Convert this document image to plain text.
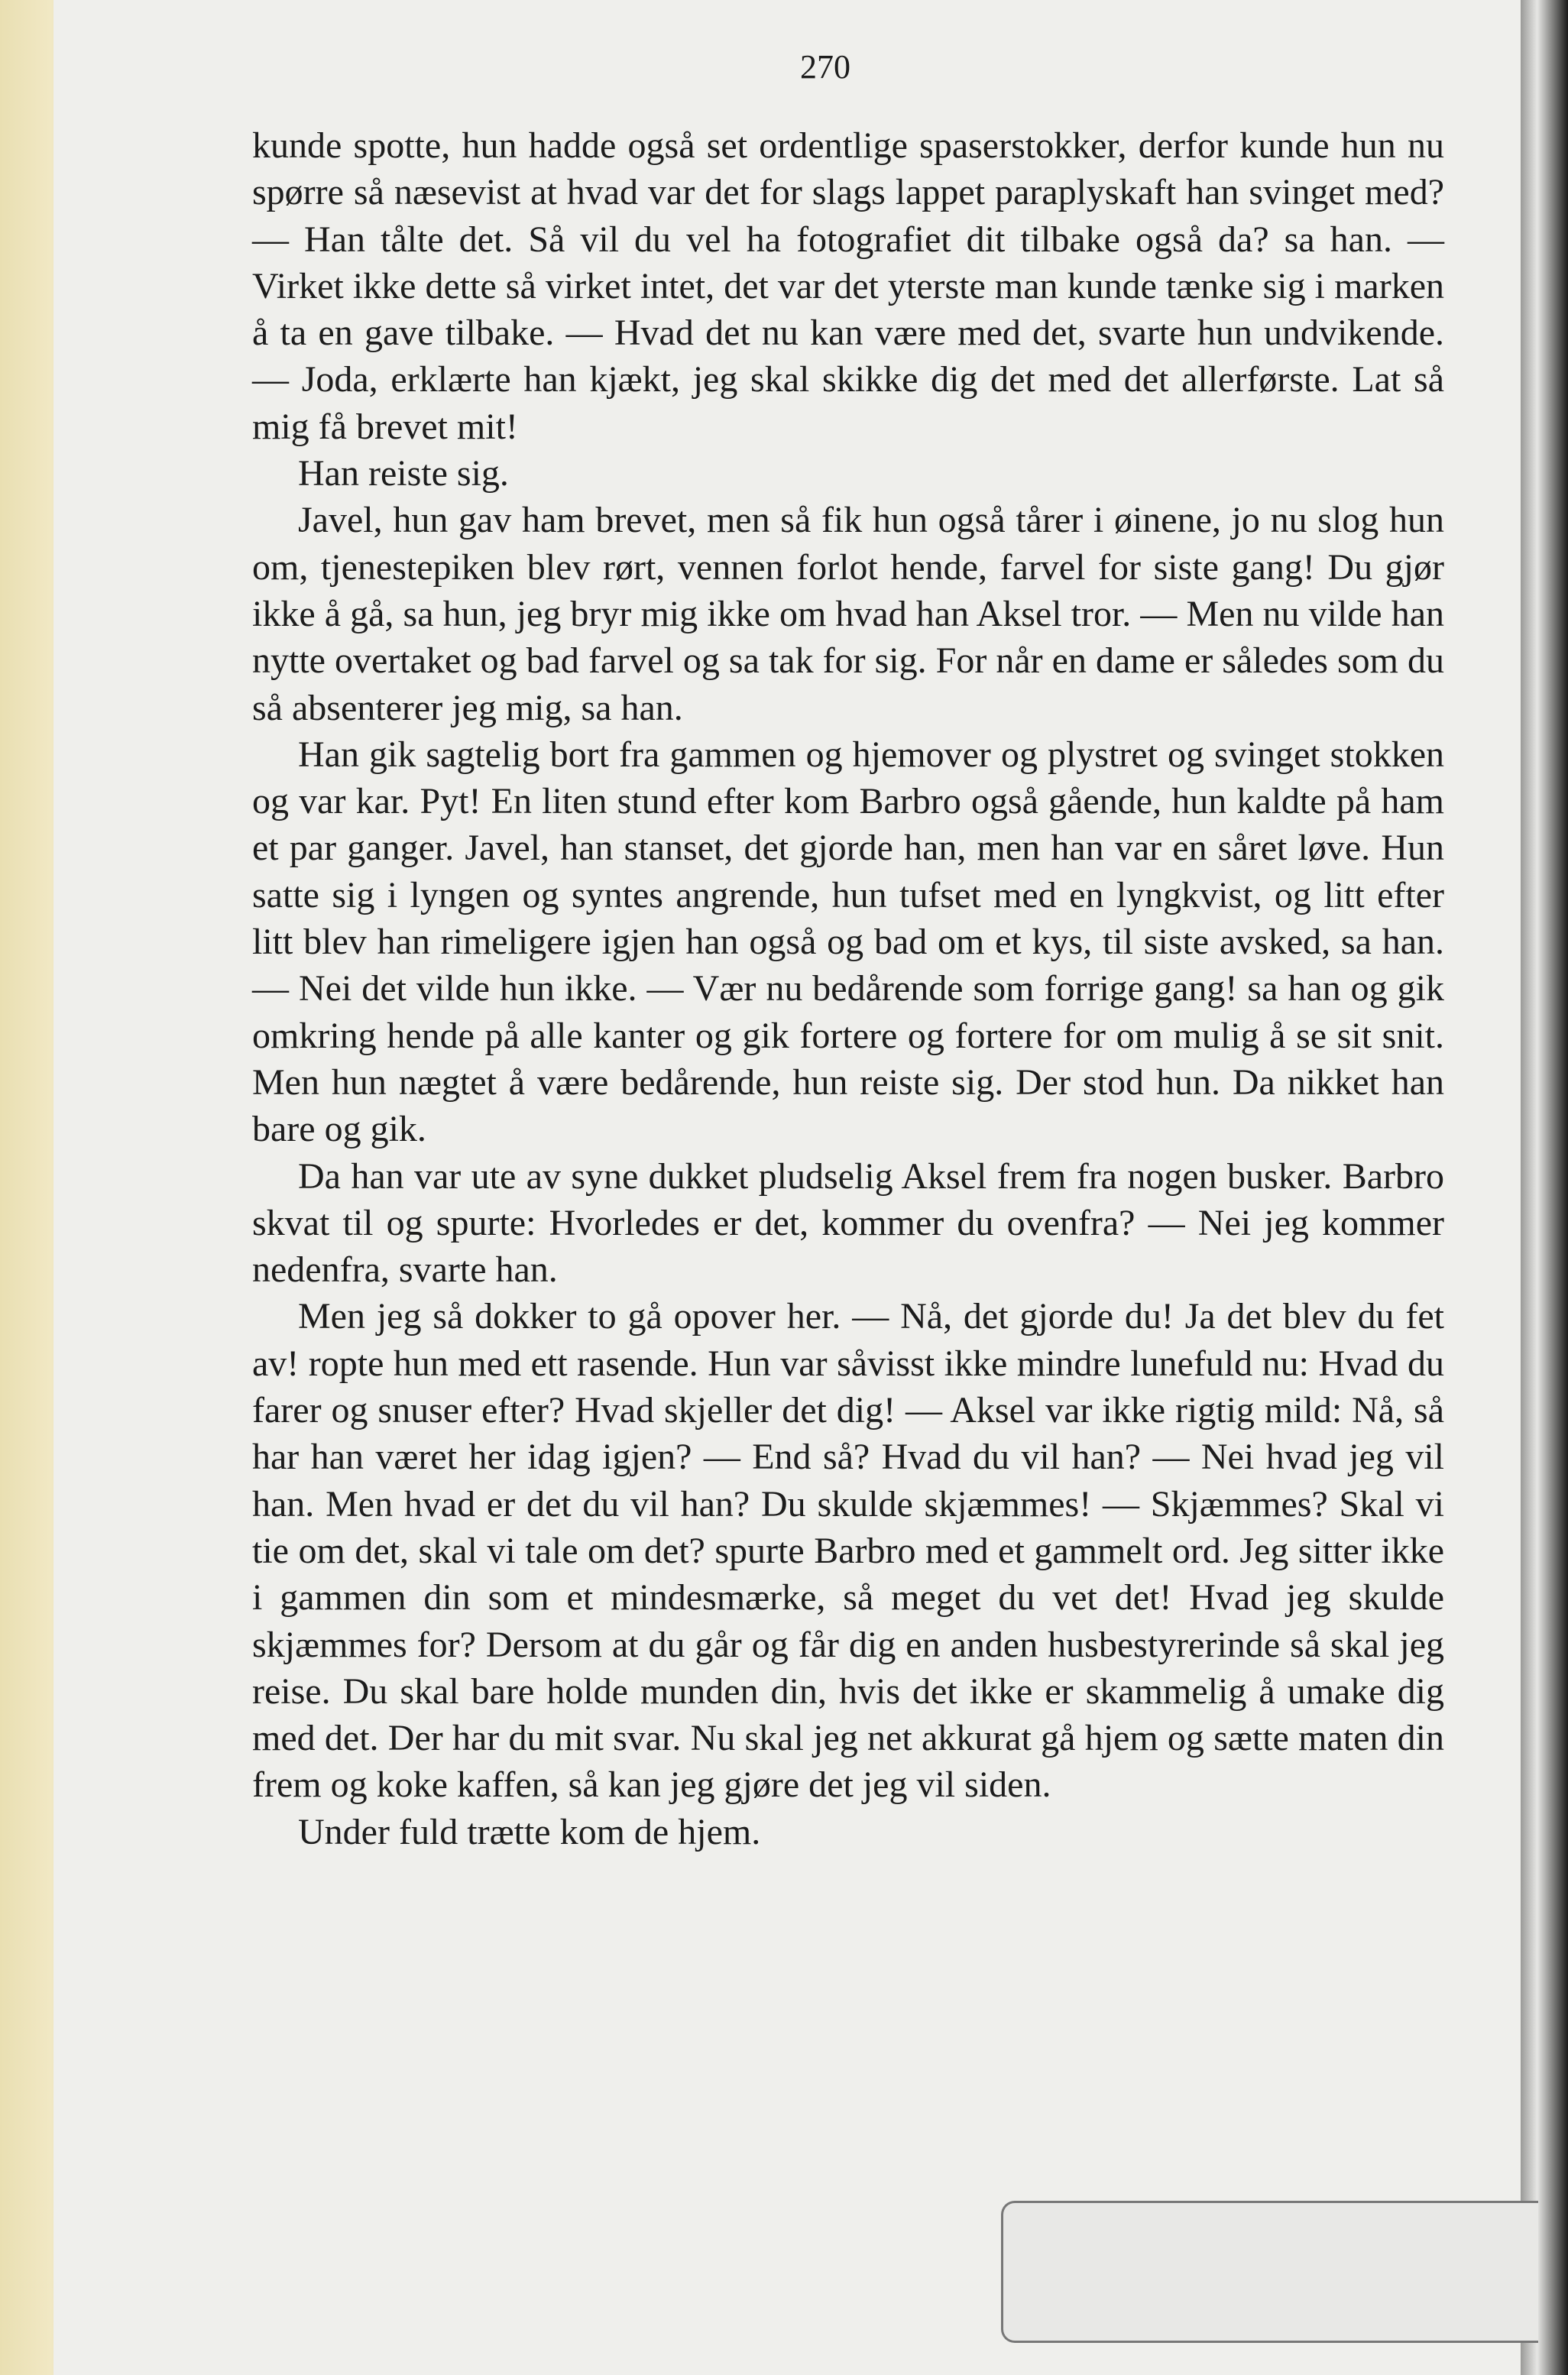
270

kunde spotte, hun hadde også set ordentlige spaserstokker, derfor kunde hun nu spørre så næsevist at hvad var det for slags lappet paraplyskaft han svinget med? — Han tålte det. Så vil du vel ha fotografiet dit tilbake også da? sa han. — Virket ikke dette så virket intet, det var det yterste man kunde tænke sig i marken å ta en gave tilbake. — Hvad det nu kan være med det, svarte hun undvikende. — Joda, erklærte han kjækt, jeg skal skikke dig det med det allerførste. Lat så mig få brevet mit!

Han reiste sig.

Javel, hun gav ham brevet, men så fik hun også tårer i øinene, jo nu slog hun om, tjenestepiken blev rørt, vennen forlot hende, farvel for siste gang! Du gjør ikke å gå, sa hun, jeg bryr mig ikke om hvad han Aksel tror. — Men nu vilde han nytte overtaket og bad farvel og sa tak for sig. For når en dame er således som du så absenterer jeg mig, sa han.

Han gik sagtelig bort fra gammen og hjemover og plystret og svinget stokken og var kar. Pyt! En liten stund efter kom Barbro også gående, hun kaldte på ham et par ganger. Javel, han stanset, det gjorde han, men han var en såret løve. Hun satte sig i lyngen og syntes angrende, hun tufset med en lyngkvist, og litt efter litt blev han rimeligere igjen han også og bad om et kys, til siste avsked, sa han. — Nei det vilde hun ikke. — Vær nu bedårende som forrige gang! sa han og gik omkring hende på alle kanter og gik fortere og fortere for om mulig å se sit snit. Men hun nægtet å være bedårende, hun reiste sig. Der stod hun. Da nikket han bare og gik.

Da han var ute av syne dukket pludselig Aksel frem fra nogen busker. Barbro skvat til og spurte: Hvorledes er det, kommer du ovenfra? — Nei jeg kommer nedenfra, svarte han.

Men jeg så dokker to gå opover her. — Nå, det gjorde du! Ja det blev du fet av! ropte hun med ett rasende. Hun var såvisst ikke mindre lunefuld nu: Hvad du farer og snuser efter? Hvad skjeller det dig! — Aksel var ikke rigtig mild: Nå, så har han været her idag igjen? — End så? Hvad du vil han? — Nei hvad jeg vil han. Men hvad er det du vil han? Du skulde skjæmmes! — Skjæmmes? Skal vi tie om det, skal vi tale om det? spurte Barbro med et gammelt ord. Jeg sitter ikke i gammen din som et mindesmærke, så meget du vet det! Hvad jeg skulde skjæmmes for? Dersom at du går og får dig en anden husbestyrerinde så skal jeg reise. Du skal bare holde munden din, hvis det ikke er skammelig å umake dig med det. Der har du mit svar. Nu skal jeg net akkurat gå hjem og sætte maten din frem og koke kaffen, så kan jeg gjøre det jeg vil siden.

Under fuld trætte kom de hjem.
